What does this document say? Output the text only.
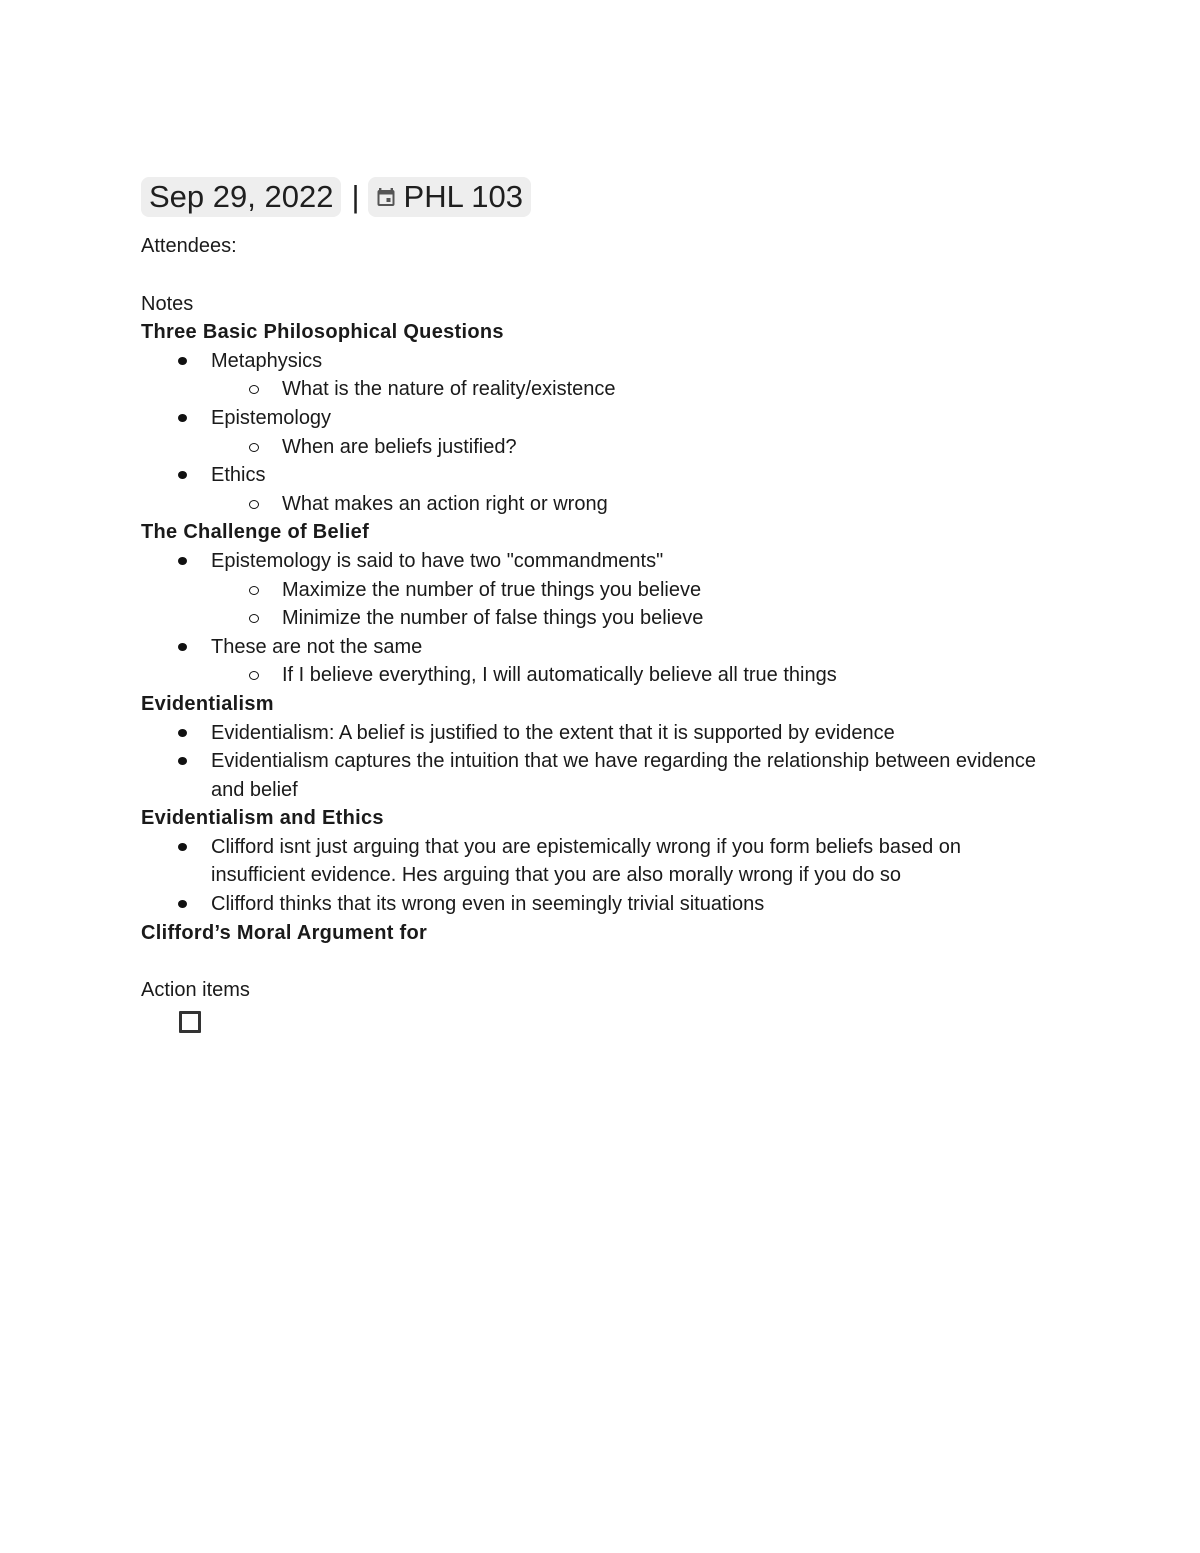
Sep 29, 2022 | PHL 103
Attendees:
Notes
Three Basic Philosophical Questions
Metaphysics
What is the nature of reality/existence
Epistemology
When are beliefs justified?
Ethics
What makes an action right or wrong
The Challenge of Belief
Epistemology is said to have two "commandments"
Maximize the number of true things you believe
Minimize the number of false things you believe
These are not the same
If I believe everything, I will automatically believe all true things
Evidentialism
Evidentialism: A belief is justified to the extent that it is supported by evidence
Evidentialism captures the intuition that we have regarding the relationship between evidence and belief
Evidentialism and Ethics
Clifford isnt just arguing that you are epistemically wrong if you form beliefs based on insufficient evidence. Hes arguing that you are also morally wrong if you do so
Clifford thinks that its wrong even in seemingly trivial situations
Clifford’s Moral Argument for
Action items
